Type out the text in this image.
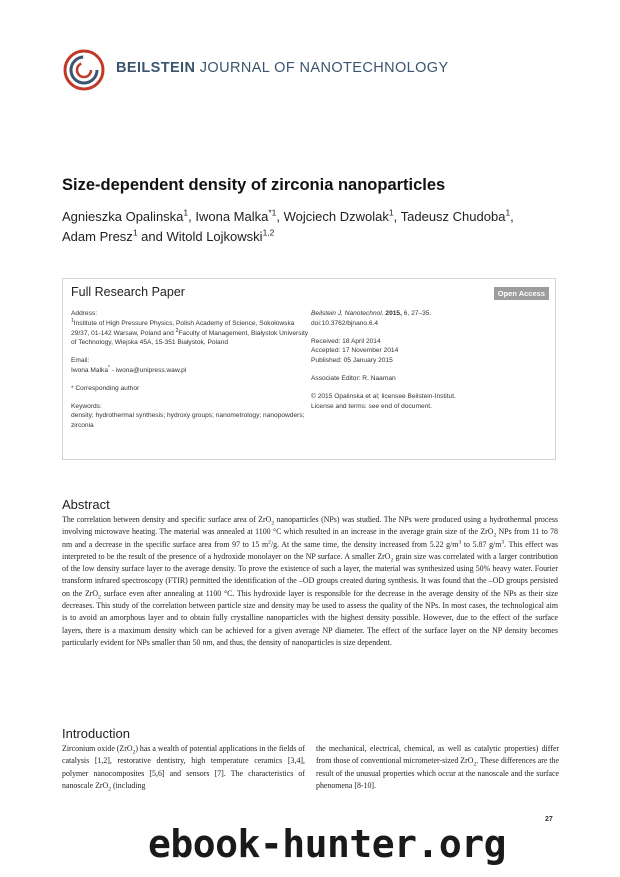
BEILSTEIN JOURNAL OF NANOTECHNOLOGY
Size-dependent density of zirconia nanoparticles
Agnieszka Opalinska$^1$, Iwona Malka$^{*1}$, Wojciech Dzwolak$^1$, Tadeusz Chudoba$^1$,
Adam Presz$^1$ and Witold Lojkowski$^{1,2}$
Full Research Paper	Open Access

Address:
$^1$Institute of High Pressure Physics, Polish Academy of Science, Sokołowska 29/37, 01-142 Warsaw, Poland and $^2$Faculty of Management, Białystok University of Technology, Wiejska 45A, 15-351 Białystok, Poland

Email:
Iwona Malka* - iwona@unipress.waw.pl

* Corresponding author

Keywords:
density; hydrothermal synthesis; hydroxy groups; nanometrology; nanopowders; zirconia

Beilstein J. Nanotechnol. 2015, 6, 27–35.
doi:10.3762/bjnano.6.4

Received: 18 April 2014
Accepted: 17 November 2014
Published: 05 January 2015

Associate Editor: R. Naaman

© 2015 Opalinska et al; licensee Beilstein-Institut.
License and terms: see end of document.

Abstract
The correlation between density and specific surface area of ZrO$_2$ nanoparticles (NPs) was studied. The NPs were produced using a hydrothermal process involving microwave heating. The material was annealed at 1100 °C which resulted in an increase in the average grain size of the ZrO$_2$ NPs from 11 to 78 nm and a decrease in the specific surface area from 97 to 15 $m^2/g$. At the same time, the density increased from 5.22 $g/m^3$ to 5.87 $g/m^3$. This effect was interpreted to be the result of the presence of a hydroxide monolayer on the NP surface. A smaller ZrO$_2$ grain size was correlated with a larger contribution of the low density surface layer to the average density. To prove the existence of such a layer, the material was synthesized using 50% heavy water. Fourier transform infrared spectroscopy (FTIR) permitted the identification of the –OD groups created during synthesis. It was found that the –OD groups persisted on the ZrO$_2$ surface even after annealing at 1100 °C. This hydroxide layer is responsible for the decrease in the average density of the NPs as their size decreases. This study of the correlation between particle size and density may be used to assess the quality of the NPs. In most cases, the technological aim is to avoid an amorphous layer and to obtain fully crystalline nanoparticles with the highest density possible. However, due to the effect of the surface layers, there is a maximum density which can be achieved for a given average NP diameter. The effect of the surface layer on the NP density becomes particularly evident for NPs smaller than 50 nm, and thus, the density of nanoparticles is size dependent.
Introduction
Zirconium oxide (ZrO$_2$) has a wealth of potential applications in the fields of catalysis [1,2], restorative dentistry, high temperature ceramics [3,4], polymer nanocomposites [5,6] and sensors [7]. The characteristics of nanoscale ZrO$_2$ (including
the mechanical, electrical, chemical, as well as catalytic properties) differ from those of conventional micrometer-sized ZrO$_2$. These differences are the result of the unusual properties which occur at the nanoscale and the surface phenomena [8-10].
27
ebook-hunter.org
